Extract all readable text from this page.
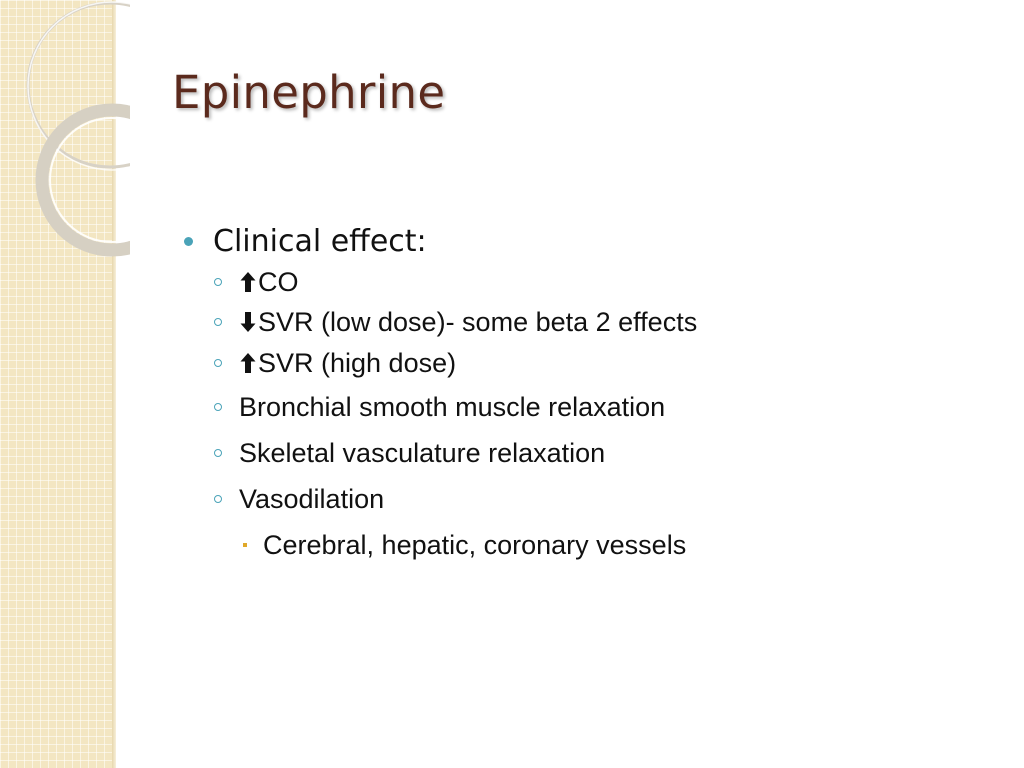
Epinephrine
Clinical effect:
CO
SVR (low dose)- some beta 2 effects
SVR (high dose)
Bronchial smooth muscle relaxation
Skeletal vasculature relaxation
Vasodilation
Cerebral, hepatic, coronary vessels
